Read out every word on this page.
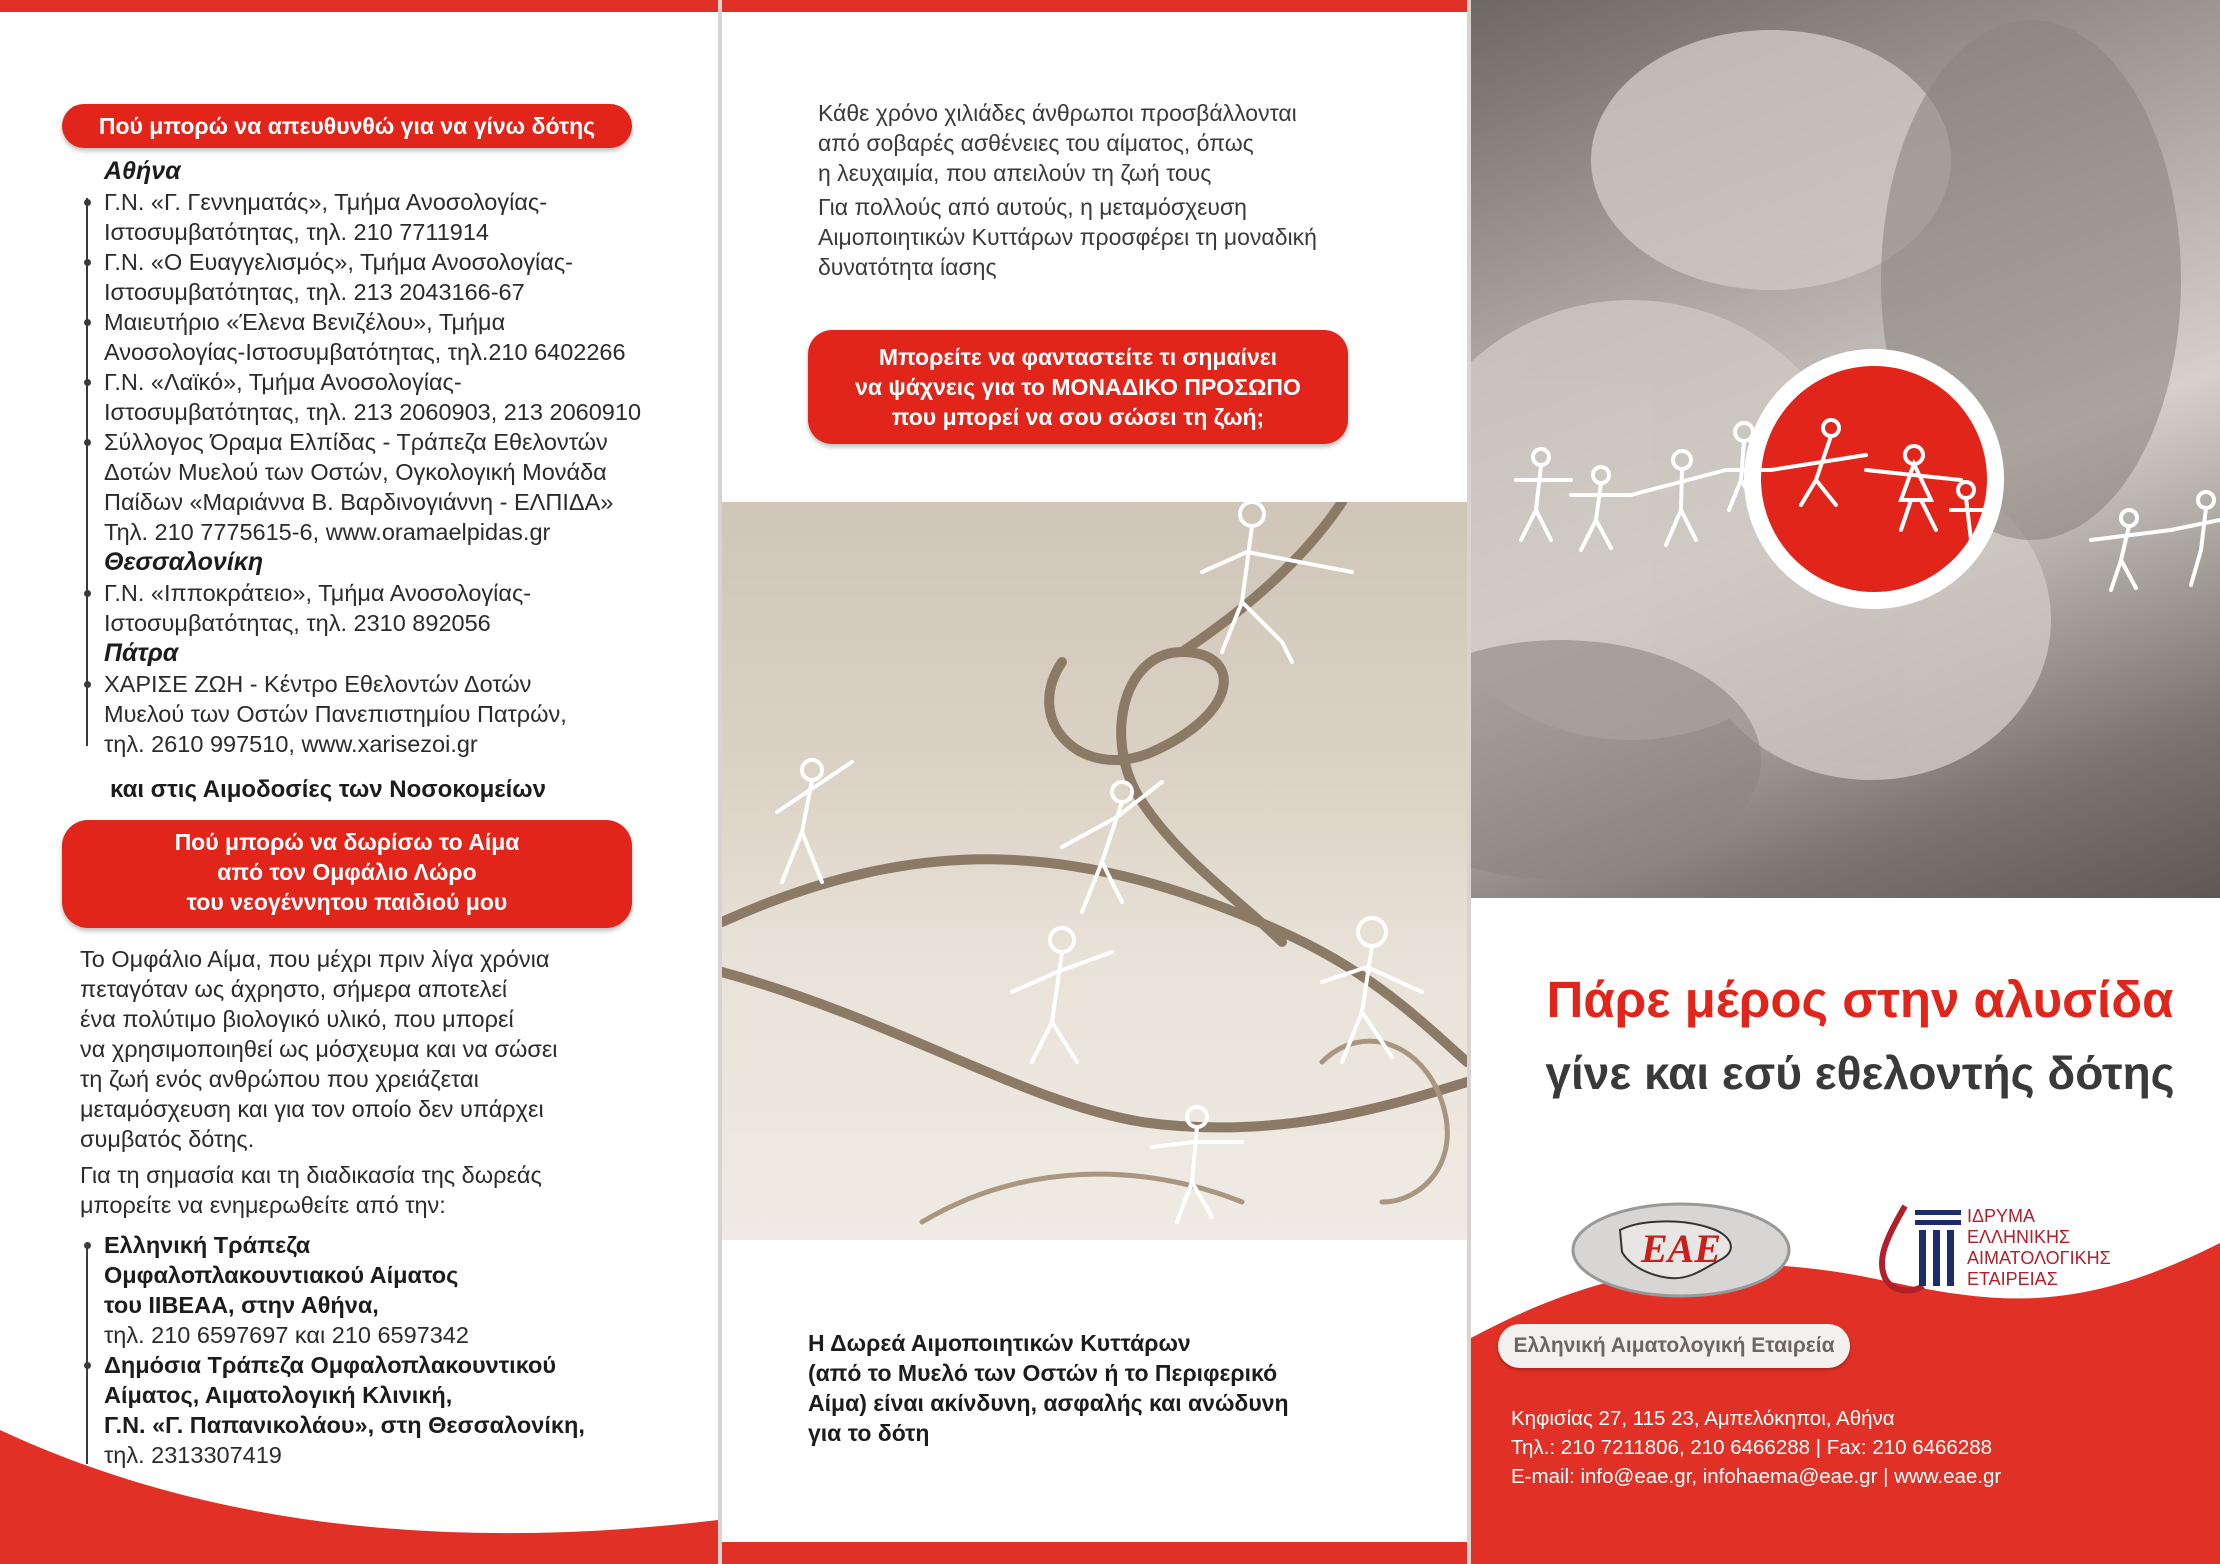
Πού μπορώ να απευθυνθώ για να γίνω δότης
Αθήνα
Γ.Ν. «Γ. Γεννηματάς», Τμήμα Ανοσολογίας-
Ιστοσυμβατότητας, τηλ. 210 7711914
Γ.Ν. «Ο Ευαγγελισμός», Τμήμα Ανοσολογίας-
Ιστοσυμβατότητας, τηλ. 213 2043166-67
Μαιευτήριο «Έλενα Βενιζέλου», Τμήμα
Ανοσολογίας-Ιστοσυμβατότητας, τηλ.210 6402266
Γ.Ν. «Λαϊκό», Τμήμα Ανοσολογίας-
Ιστοσυμβατότητας, τηλ. 213 2060903, 213 2060910
Σύλλογος Όραμα Ελπίδας - Τράπεζα Εθελοντών
Δοτών Μυελού των Οστών, Ογκολογική Μονάδα
Παίδων «Μαριάννα Β. Βαρδινογιάννη - ΕΛΠΙΔΑ»
Τηλ. 210 7775615-6, www.oramaelpidas.gr
Θεσσαλονίκη
Γ.Ν. «Ιπποκράτειο», Τμήμα Ανοσολογίας-
Ιστοσυμβατότητας, τηλ. 2310 892056
Πάτρα
ΧΑΡΙΣΕ ΖΩΗ - Κέντρο Εθελοντών Δοτών
Μυελού των Οστών Πανεπιστημίου Πατρών,
τηλ. 2610 997510, www.xarisezoi.gr
και στις Αιμοδοσίες των Νοσοκομείων
Πού μπορώ να δωρίσω το Αίμα
από τον Ομφάλιο Λώρο
του νεογέννητου παιδιού μου
Το Ομφάλιο Αίμα, που μέχρι πριν λίγα χρόνια
πεταγόταν ως άχρηστο, σήμερα αποτελεί
ένα πολύτιμο βιολογικό υλικό, που μπορεί
να χρησιμοποιηθεί ως μόσχευμα και να σώσει
τη ζωή ενός ανθρώπου που χρειάζεται
μεταμόσχευση και για τον οποίο δεν υπάρχει
συμβατός δότης.
Για τη σημασία και τη διαδικασία της δωρεάς
μπορείτε να ενημερωθείτε από την:
Ελληνική Τράπεζα
Ομφαλοπλακουντιακού Αίματος
του ΙΙΒΕΑΑ, στην Αθήνα,
τηλ. 210 6597697 και 210 6597342
Δημόσια Τράπεζα Ομφαλοπλακουντικού
Αίματος, Αιματολογική Κλινική,
Γ.Ν. «Γ. Παπανικολάου», στη Θεσσαλονίκη,
τηλ. 2313307419
Κάθε χρόνο χιλιάδες άνθρωποι προσβάλλονται
από σοβαρές ασθένειες του αίματος, όπως
η λευχαιμία, που απειλούν τη ζωή τους
Για πολλούς από αυτούς, η μεταμόσχευση
Αιμοποιητικών Κυττάρων προσφέρει τη μοναδική
δυνατότητα ίασης
Μπορείτε να φανταστείτε τι σημαίνει
να ψάχνεις για το ΜΟΝΑΔΙΚΟ ΠΡΟΣΩΠΟ
που μπορεί να σου σώσει τη ζωή;
Η Δωρεά Αιμοποιητικών Κυττάρων
(από το Μυελό των Οστών ή το Περιφερικό
Αίμα) είναι ακίνδυνη, ασφαλής και ανώδυνη
για το δότη
Πάρε μέρος στην αλυσίδα
γίνε και εσύ εθελοντής δότης
ΕΑΕ
ΙΔΡΥΜΑ
ΕΛΛΗΝΙΚΗΣ
ΑΙΜΑΤΟΛΟΓΙΚΗΣ
ΕΤΑΙΡΕΙΑΣ
Ελληνική Αιματολογική Εταιρεία
Κηφισίας 27, 115 23, Αμπελόκηποι, Αθήνα
Τηλ.: 210 7211806, 210 6466288 | Fax: 210 6466288
E-mail: info@eae.gr, infohaema@eae.gr | www.eae.gr
